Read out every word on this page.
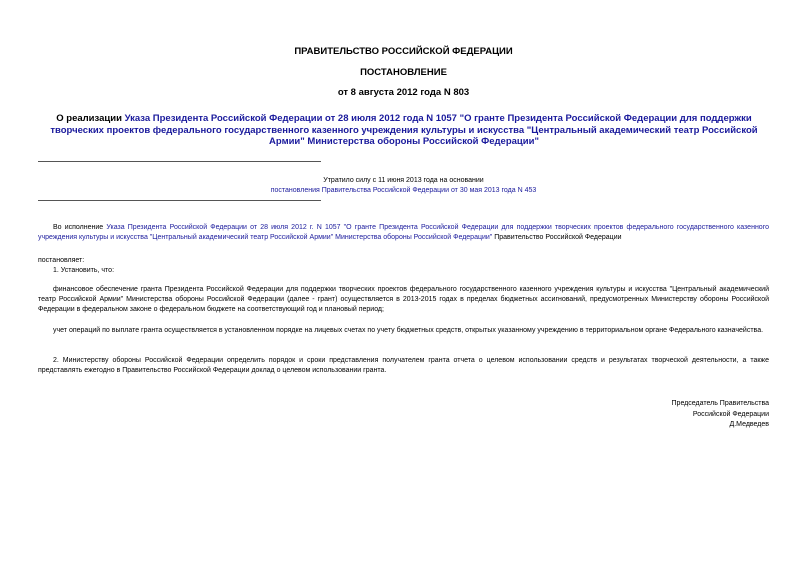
ПРАВИТЕЛЬСТВО РОССИЙСКОЙ ФЕДЕРАЦИИ
ПОСТАНОВЛЕНИЕ
от 8 августа 2012 года N 803
О реализации Указа Президента Российской Федерации от 28 июля 2012 года N 1057 "О гранте Президента Российской Федерации для поддержки творческих проектов федерального государственного казенного учреждения культуры и искусства "Центральный академический театр Российской Армии" Министерства обороны Российской Федерации"
Утратило силу с 11 июня 2013 года на основании
постановления Правительства Российской Федерации от 30 мая 2013 года N 453
Во исполнение Указа Президента Российской Федерации от 28 июля 2012 г. N 1057 "О гранте Президента Российской Федерации для поддержки творческих проектов федерального государственного казенного учреждения культуры и искусства "Центральный академический театр Российской Армии" Министерства обороны Российской Федерации" Правительство Российской Федерации
постановляет:
1. Установить, что:
финансовое обеспечение гранта Президента Российской Федерации для поддержки творческих проектов федерального государственного казенного учреждения культуры и искусства "Центральный академический театр Российской Армии" Министерства обороны Российской Федерации (далее - грант) осуществляется в 2013-2015 годах в пределах бюджетных ассигнований, предусмотренных Министерству обороны Российской Федерации в федеральном законе о федеральном бюджете на соответствующий год и плановый период;
учет операций по выплате гранта осуществляется в установленном порядке на лицевых счетах по учету бюджетных средств, открытых указанному учреждению в территориальном органе Федерального казначейства.
2. Министерству обороны Российской Федерации определить порядок и сроки представления получателем гранта отчета о целевом использовании средств и результатах творческой деятельности, а также представлять ежегодно в Правительство Российской Федерации доклад о целевом использовании гранта.
Председатель Правительства
Российской Федерации
Д.Медведев
